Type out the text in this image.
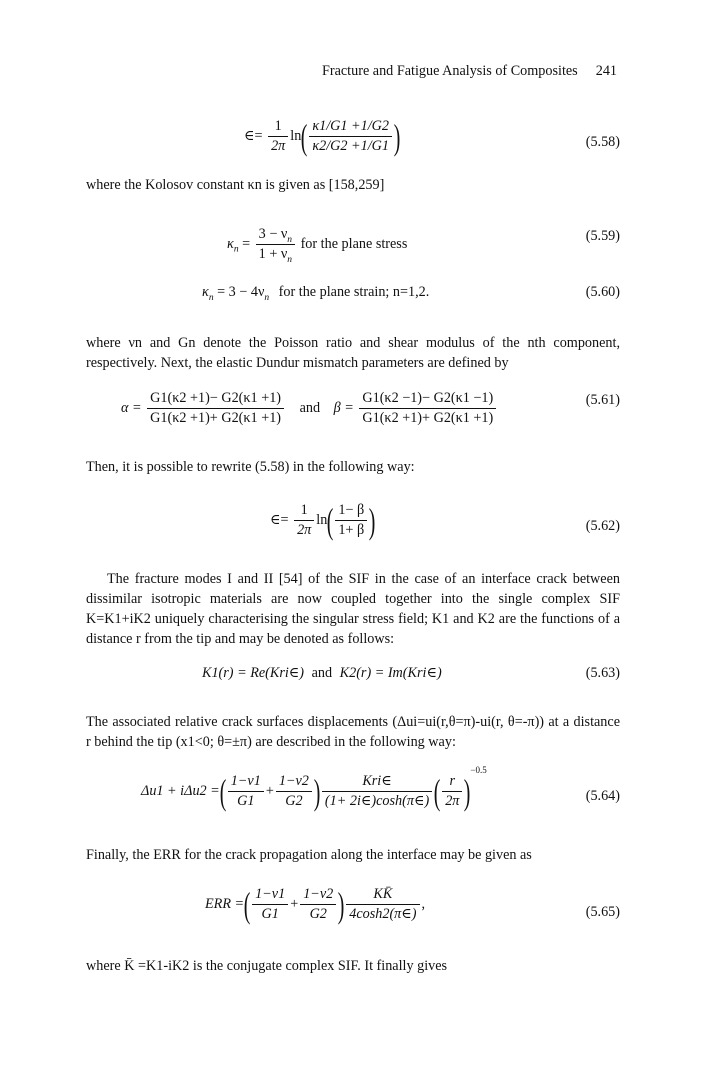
Fracture and Fatigue Analysis of Composites 241
∈= $\frac{1}{2\pi} \ln( \frac{\kappa 1/G1 +1/G2}{\kappa 2/G2 +1/G1}$ )	(5.58)

where the Kolosov constant κn is given as [158,259]

$\kappa_n = \frac{3 - \nu_n}{1 + \nu_n}$ for the plane stress	(5.59)
$\kappa_n = 3 - 4\nu_n$ for the plane strain; n=1,2.	(5.60)

where νn and Gn denote the Poisson ratio and shear modulus of the nth component, respectively. Next, the elastic Dundur mismatch parameters are defined by

$\alpha = \frac{G1(\kappa 2 +1)- G2(\kappa 1 +1)}{G1(\kappa 2 +1)+ G2(\kappa 1 +1)}$ and $\beta = \frac{G1(\kappa 2 -1)- G2(\kappa 1 -1)}{G1(\kappa 2 +1)+ G2(\kappa 1 +1)}$	(5.61)

Then, it is possible to rewrite (5.58) in the following way:

∈= $\frac{1}{2\pi} \ln( \frac{1- \beta}{1+ \beta}$ )	(5.62)

The fracture modes I and II [54] of the SIF in the case of an interface crack between dissimilar isotropic materials are now coupled together into the single complex SIF K=K1+iK2 uniquely characterising the singular stress field; K1 and K2 are the functions of a distance r from the tip and may be denoted as follows:

K1(r) = Re(Kri∈) and K2(r) = Im(Kri∈)	(5.63)

The associated relative crack surfaces displacements (Δui=ui(r,θ=π)-ui(r, θ=-π)) at a distance r behind the tip (x1<0; θ=±π) are described in the following way:

Δu1 + iΔu2 =( $\frac{1-\nu 1}{G1} + \frac{1-\nu 2}{G2}$ ) $\frac{\text{Kri∈}}{(1+ 2i\in)\cosh(\pi\in)}$ ( $\frac{r}{2\pi} )^{-0.5}$
(5.64)

Finally, the ERR for the crack propagation along the interface may be given as

ERR =( $\frac{1-\nu 1}{G1} + \frac{1-\nu 2}{G2}$ ) $\frac{KK̄}{4\cosh 2(\pi\in)}$ ,
(5.65)

where K̄ =K1-iK2 is the conjugate complex SIF. It finally gives
